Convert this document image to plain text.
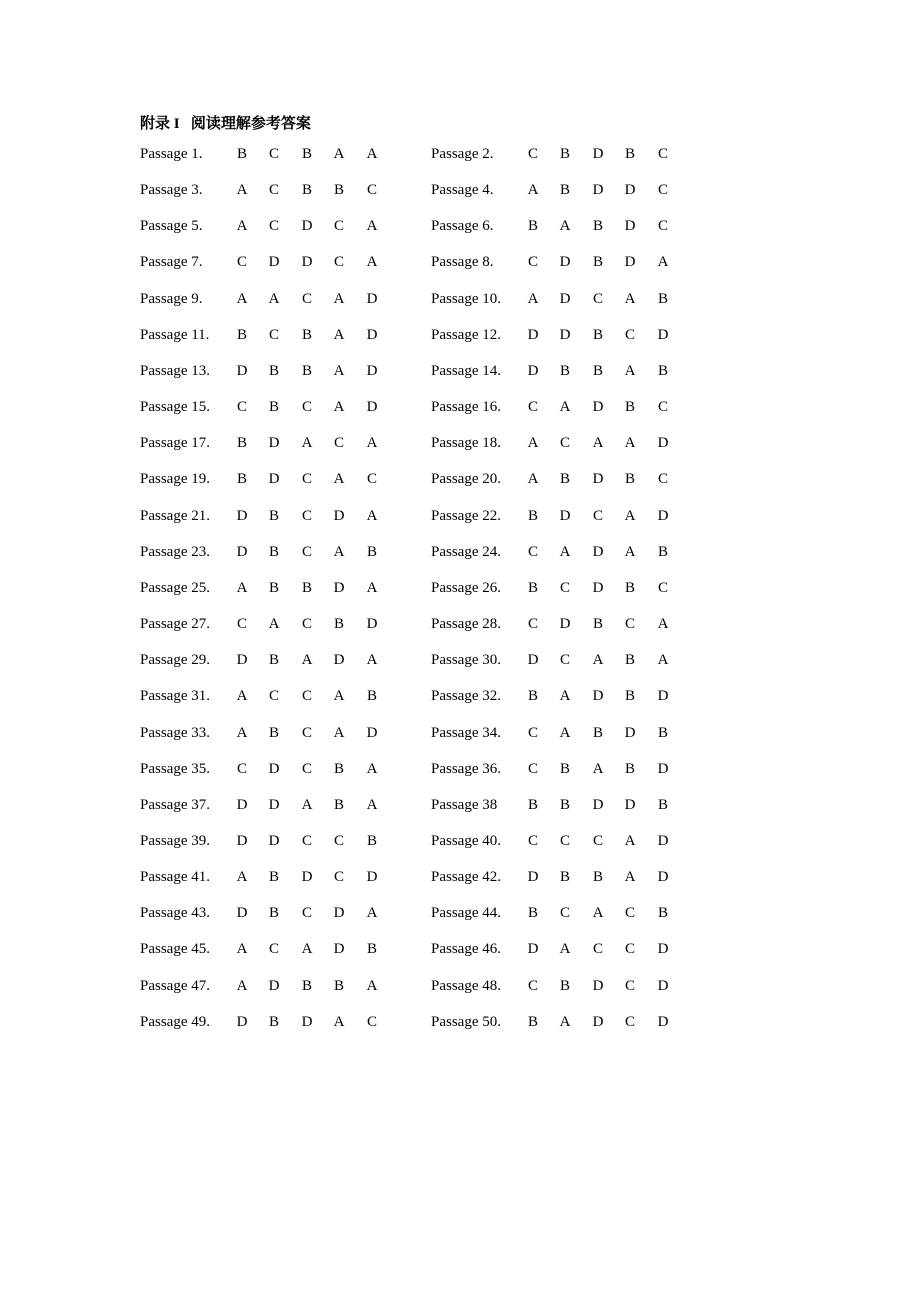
附录 I   阅读理解参考答案
Passage 1. B C B A A	Passage 2. C B D B C
Passage 3. A C B B C	Passage 4. A B D D C
Passage 5. A C D C A	Passage 6. B A B D C
Passage 7. C D D C A	Passage 8. C D B D A
Passage 9. A A C A D	Passage 10. A D C A B
Passage 11. B C B A D	Passage 12. D D B C D
Passage 13. D B B A D	Passage 14. D B B A B
Passage 15. C B C A D	Passage 16. C A D B C
Passage 17. B D A C A	Passage 18. A C A A D
Passage 19. B D C A C	Passage 20. A B D B C
Passage 21. D B C D A	Passage 22. B D C A D
Passage 23. D B C A B	Passage 24. C A D A B
Passage 25. A B B D A	Passage 26. B C D B C
Passage 27. C A C B D	Passage 28. C D B C A
Passage 29. D B A D A	Passage 30. D C A B A
Passage 31. A C C A B	Passage 32. B A D B D
Passage 33. A B C A D	Passage 34. C A B D B
Passage 35. C D C B A	Passage 36. C B A B D
Passage 37. D D A B A	Passage 38 B B D D B
Passage 39. D D C C B	Passage 40. C C C A D
Passage 41. A B D C D	Passage 42. D B B A D
Passage 43. D B C D A	Passage 44. B C A C B
Passage 45. A C A D B	Passage 46. D A C C D
Passage 47. A D B B A	Passage 48. C B D C D
Passage 49. D B D A C	Passage 50. B A D C D
